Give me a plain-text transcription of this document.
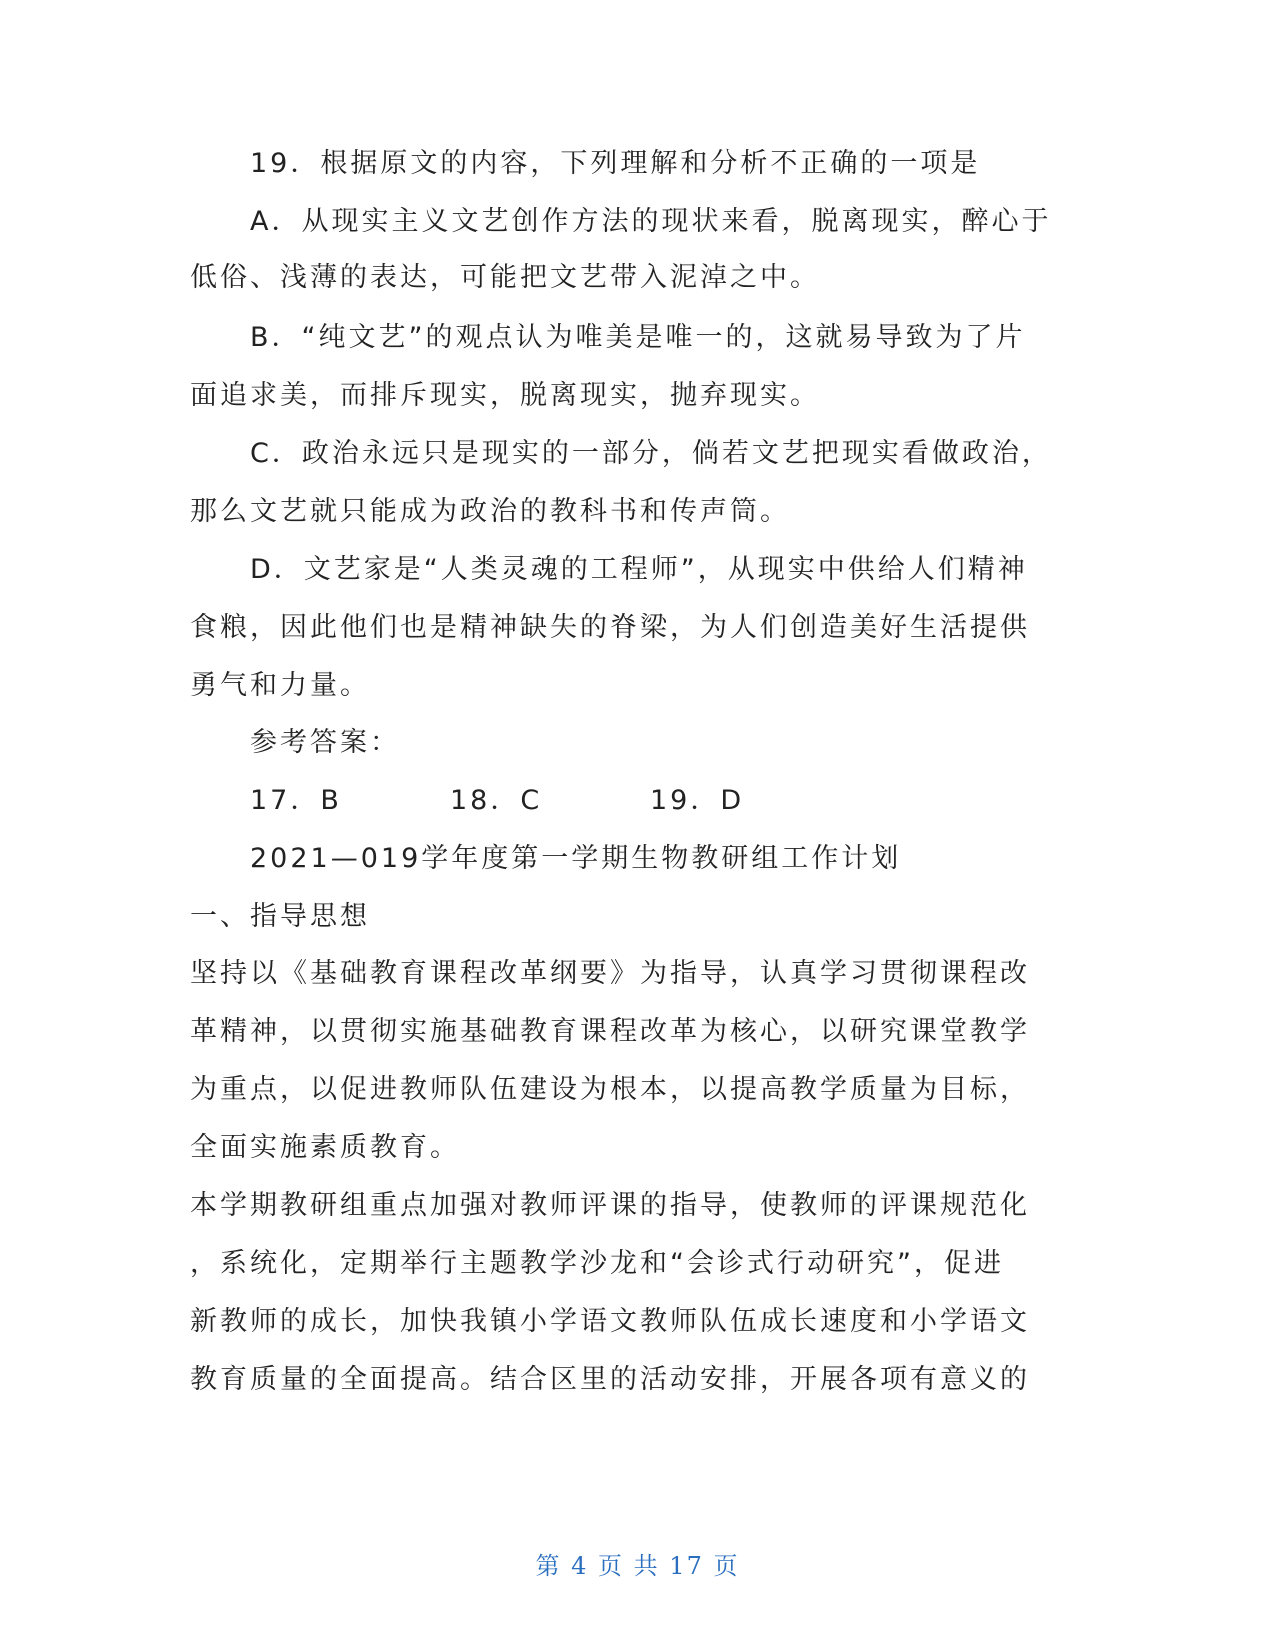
19．根据原文的内容，下列理解和分析不正确的一项是
A．从现实主义文艺创作方法的现状来看，脱离现实，醉心于
低俗、浅薄的表达，可能把文艺带入泥淖之中。
B．“纯文艺”的观点认为唯美是唯一的，这就易导致为了片
面追求美，而排斥现实，脱离现实，抛弃现实。
C．政治永远只是现实的一部分，倘若文艺把现实看做政治，
那么文艺就只能成为政治的教科书和传声筒。
D．文艺家是“人类灵魂的工程师”，从现实中供给人们精神
食粮，因此他们也是精神缺失的脊梁，为人们创造美好生活提供
勇气和力量。
参考答案：
17．B	18．C	19．D
2021—019学年度第一学期生物教研组工作计划
一、指导思想
坚持以《基础教育课程改革纲要》为指导，认真学习贯彻课程改
革精神，以贯彻实施基础教育课程改革为核心，以研究课堂教学
为重点，以促进教师队伍建设为根本，以提高教学质量为目标，
全面实施素质教育。
本学期教研组重点加强对教师评课的指导，使教师的评课规范化
，系统化，定期举行主题教学沙龙和“会诊式行动研究”，促进
新教师的成长，加快我镇小学语文教师队伍成长速度和小学语文
教育质量的全面提高。结合区里的活动安排，开展各项有意义的
第 4 页 共 17 页
